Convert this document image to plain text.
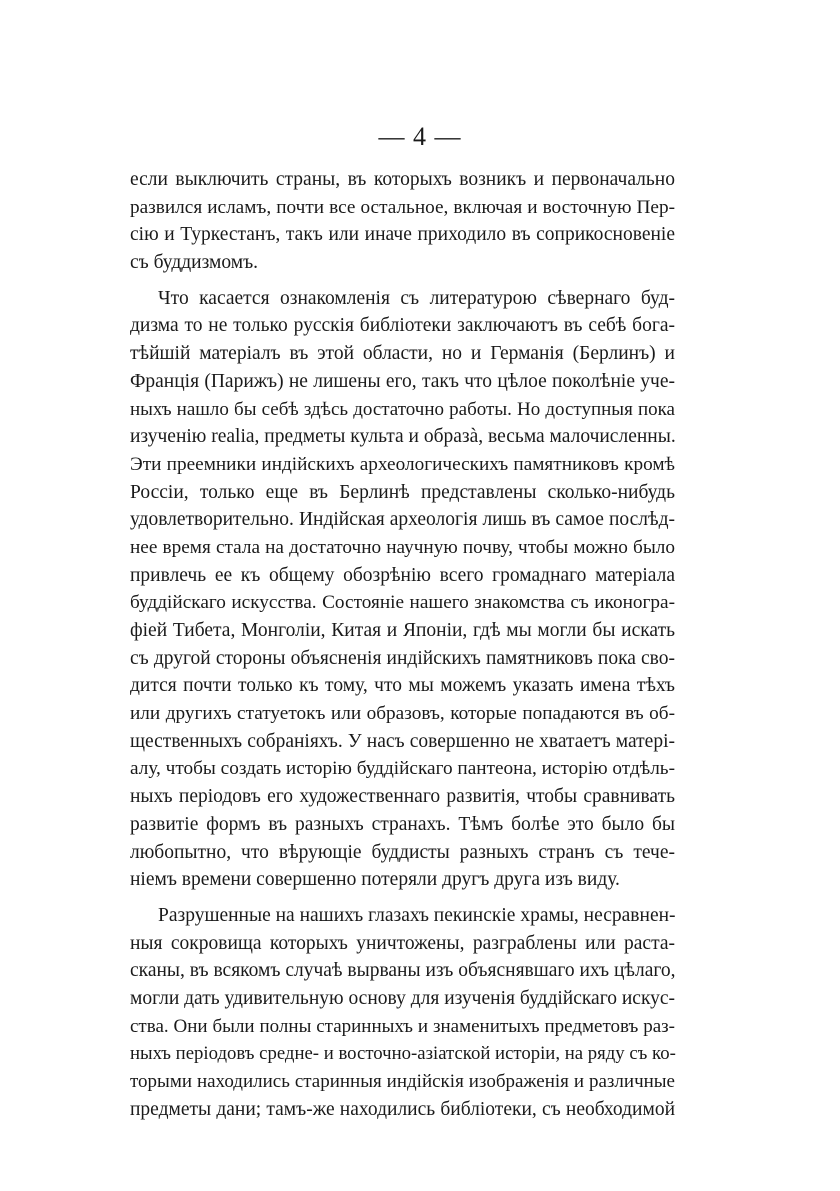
— 4 —
если выключить страны, въ которыхъ возникъ и первоначально
развился исламъ, почти все остальное, включая и восточную Пер-
сію и Туркестанъ, такъ или иначе приходило въ соприкосновеніе
съ буддизмомъ.
Что касается ознакомленія съ литературою сѣвернаго буд-
дизма то не только русскія библіотеки заключаютъ въ себѣ бога-
тѣйшій матеріалъ въ этой области, но и Германія (Берлинъ) и
Франція (Парижъ) не лишены его, такъ что цѣлое поколѣніе уче-
ныхъ нашло бы себѣ здѣсь достаточно работы. Но доступныя пока
изученію realia, предметы культа и образà, весьма малочисленны.
Эти преемники индійскихъ археологическихъ памятниковъ кромѣ
Россіи, только еще въ Берлинѣ представлены сколько-нибудь
удовлетворительно. Индійская археологія лишь въ самое послѣд-
нее время стала на достаточно научную почву, чтобы можно было
привлечь ее къ общему обозрѣнію всего громаднаго матеріала
буддійскаго искусства. Состояніе нашего знакомства съ иконогра-
фіей Тибета, Монголіи, Китая и Японіи, гдѣ мы могли бы искать
съ другой стороны объясненія индійскихъ памятниковъ пока сво-
дится почти только къ тому, что мы можемъ указать имена тѣхъ
или другихъ статуетокъ или образовъ, которые попадаются въ об-
щественныхъ собраніяхъ. У насъ совершенно не хватаетъ матері-
алу, чтобы создать исторію буддійскаго пантеона, исторію отдѣль-
ныхъ періодовъ его художественнаго развитія, чтобы сравнивать
развитіе формъ въ разныхъ странахъ. Тѣмъ болѣе это было бы
любопытно, что вѣрующіе буддисты разныхъ странъ съ тече-
ніемъ времени совершенно потеряли другъ друга изъ виду.
Разрушенные на нашихъ глазахъ пекинскіе храмы, несравнен-
ныя сокровища которыхъ уничтожены, разграблены или раста-
сканы, въ всякомъ случаѣ вырваны изъ объяснявшаго ихъ цѣлаго,
могли дать удивительную основу для изученія буддійскаго искус-
ства. Они были полны старинныхъ и знаменитыхъ предметовъ раз-
ныхъ періодовъ средне- и восточно-азіатской исторіи, на ряду съ ко-
торыми находились старинныя индійскія изображенія и различные
предметы дани; тамъ-же находились библіотеки, съ необходимой
